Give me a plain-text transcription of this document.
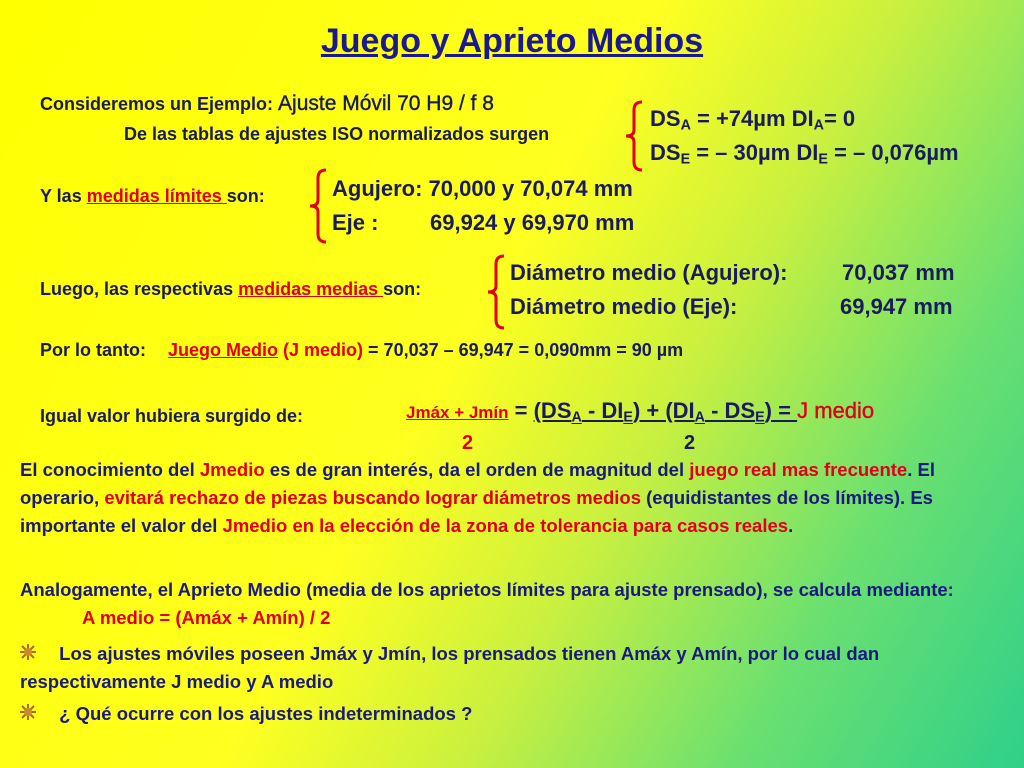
Juego y Aprieto Medios
Consideremos un Ejemplo: Ajuste Móvil 70 H9 / f 8
De las tablas de ajustes ISO normalizados surgen
$DS_A = +74\mu m$ $DI_A= 0$
$DS_E$ = – 30µm $DI_E$ = – 0,076µm
Y las medidas límites son:	Agujero: 70,000 y 70,074 mm
Eje : 69,924 y 69,970 mm
Luego, las respectivas medidas medias son:
Diámetro medio (Agujero): 70,037 mm
Diámetro medio (Eje):	69,947 mm
Por lo tanto: Juego Medio (J medio) = 70,037 – 69,947 = 0,090mm = 90 µm
Igual valor hubiera surgido de:	Jmáx + Jmín = $(DS_A - DI_E) + (DI_A - DS_E) = J$ medio
2	2
El conocimiento del Jmedio es de gran interés, da el orden de magnitud del juego real mas frecuente. El operario, evitará rechazo de piezas buscando lograr diámetros medios (equidistantes de los límites). Es importante el valor del Jmedio en la elección de la zona de tolerancia para casos reales.
Analogamente, el Aprieto Medio (media de los aprietos límites para ajuste prensado), se calcula mediante:A medio = (Amáx + Amín) / 2
Los ajustes móviles poseen Jmáx y Jmín, los prensados tienen Amáx y Amín, por lo cual dan respectivamente J medio y A medio
¿ Qué ocurre con los ajustes indeterminados ?
